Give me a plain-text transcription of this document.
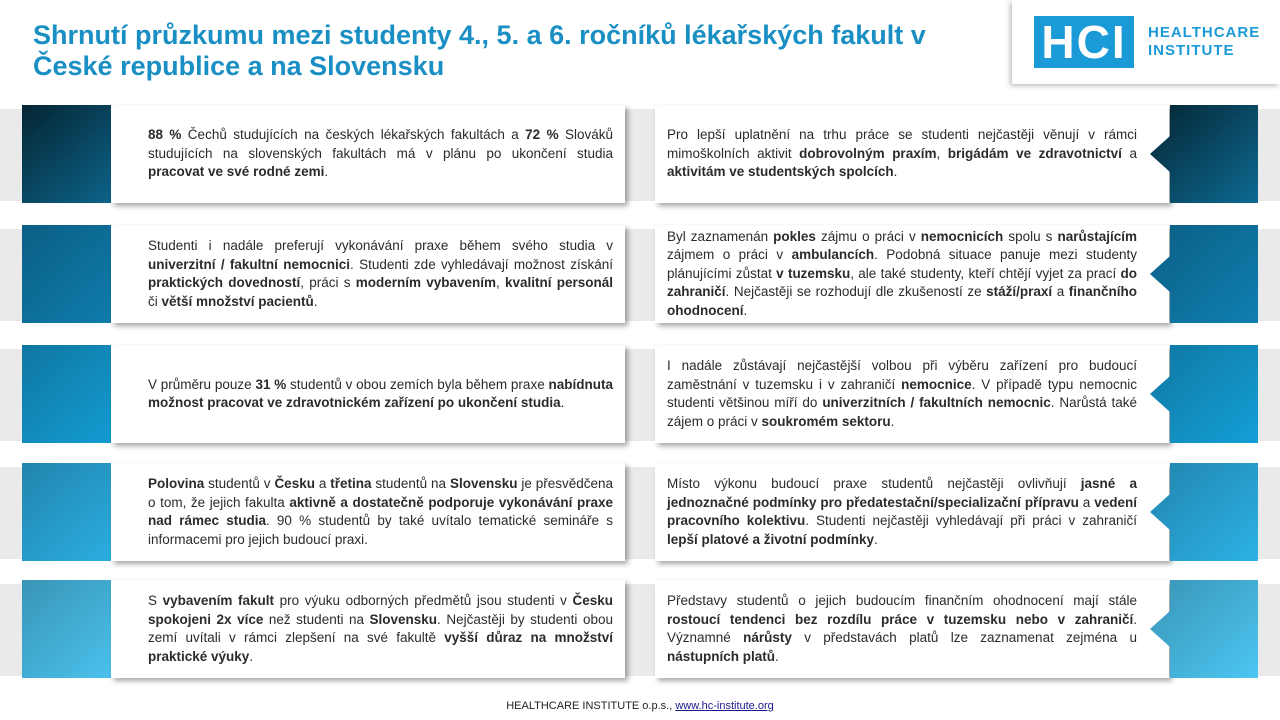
Shrnutí průzkumu mezi studenty 4., 5. a 6. ročníků lékařských fakult v České republice a na Slovensku	HCI	HEALTHCARE
INSTITUTE

88 % Čechů studujících na českých lékařských fakultách a 72 % Slováků studujících na slovenských fakultách má v plánu po ukončení studia pracovat ve své rodné zemi.

Pro lepší uplatnění na trhu práce se studenti nejčastěji věnují v rámci mimoškolních aktivit dobrovolným praxím, brigádám ve zdravotnictví a aktivitám ve studentských spolcích.

Studenti i nadále preferují vykonávání praxe během svého studia v univerzitní / fakultní nemocnici. Studenti zde vyhledávají možnost získání praktických dovedností, práci s moderním vybavením, kvalitní personál či větší množství pacientů.

Byl zaznamenán pokles zájmu o práci v nemocnicích spolu s narůstajícím zájmem o práci v ambulancích. Podobná situace panuje mezi studenty plánujícími zůstat v tuzemsku, ale také studenty, kteří chtějí vyjet za prací do zahraničí. Nejčastěji se rozhodují dle zkušeností ze stáží/praxí a finančního ohodnocení.

V průměru pouze 31 % studentů v obou zemích byla během praxe nabídnuta možnost pracovat ve zdravotnickém zařízení po ukončení studia.

I nadále zůstávají nejčastější volbou při výběru zařízení pro budoucí zaměstnání v tuzemsku i v zahraničí nemocnice. V případě typu nemocnic studenti většinou míří do univerzitních / fakultních nemocnic. Narůstá také zájem o práci v soukromém sektoru.

Polovina studentů v Česku a třetina studentů na Slovensku je přesvědčena o tom, že jejich fakulta aktivně a dostatečně podporuje vykonávání praxe nad rámec studia. 90 % studentů by také uvítalo tematické semináře s informacemi pro jejich budoucí praxi.

Místo výkonu budoucí praxe studentů nejčastěji ovlivňují jasné a jednoznačné podmínky pro předatestační/specializační přípravu a vedení pracovního kolektivu. Studenti nejčastěji vyhledávají při práci v zahraničí lepší platové a životní podmínky.

S vybavením fakult pro výuku odborných předmětů jsou studenti v Česku spokojeni 2x více než studenti na Slovensku. Nejčastěji by studenti obou zemí uvítali v rámci zlepšení na své fakultě vyšší důraz na množství praktické výuky.

Představy studentů o jejich budoucím finančním ohodnocení mají stále rostoucí tendenci bez rozdílu práce v tuzemsku nebo v zahraničí. Významné nárůsty v představách platů lze zaznamenat zejména u nástupních platů.

HEALTHCARE INSTITUTE o.p.s., www.hc-institute.org
